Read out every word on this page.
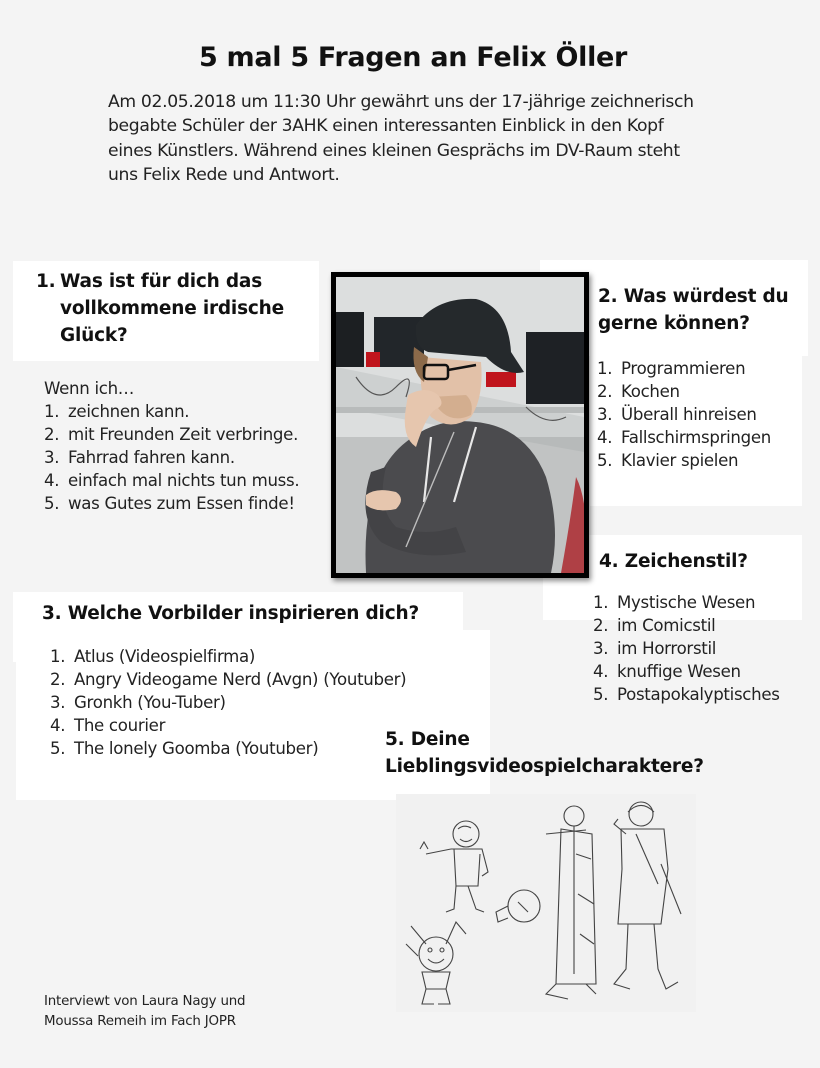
5 mal 5 Fragen an Felix Öller
Am 02.05.2018 um 11:30 Uhr gewährt uns der 17-jährige zeichnerisch
begabte Schüler der 3AHK einen interessanten Einblick in den Kopf
eines Künstlers. Während eines kleinen Gesprächs im DV-Raum steht
uns Felix Rede und Antwort.
1. Was ist für dich das
vollkommene irdische
Glück?
Wenn ich…
1. zeichnen kann.
2. mit Freunden Zeit verbringe.
3. Fahrrad fahren kann.
4. einfach mal nichts tun muss.
5. was Gutes zum Essen finde!
2. Was würdest du
gerne können?
1. Programmieren
2. Kochen
3. Überall hinreisen
4. Fallschirmspringen
5. Klavier spielen
4. Zeichenstil?
1. Mystische Wesen
2. im Comicstil
3. im Horrorstil
4. knuffige Wesen
5. Postapokalyptisches
3. Welche Vorbilder inspirieren dich?
1. Atlus (Videospielfirma)
2. Angry Videogame Nerd (Avgn) (Youtuber)
3. Gronkh (You-Tuber)
4. The courier
5. The lonely Goomba (Youtuber)	5. Deine
Lieblingsvideospielcharaktere?
Interviewt von Laura Nagy und
Moussa Remeih im Fach JOPR
